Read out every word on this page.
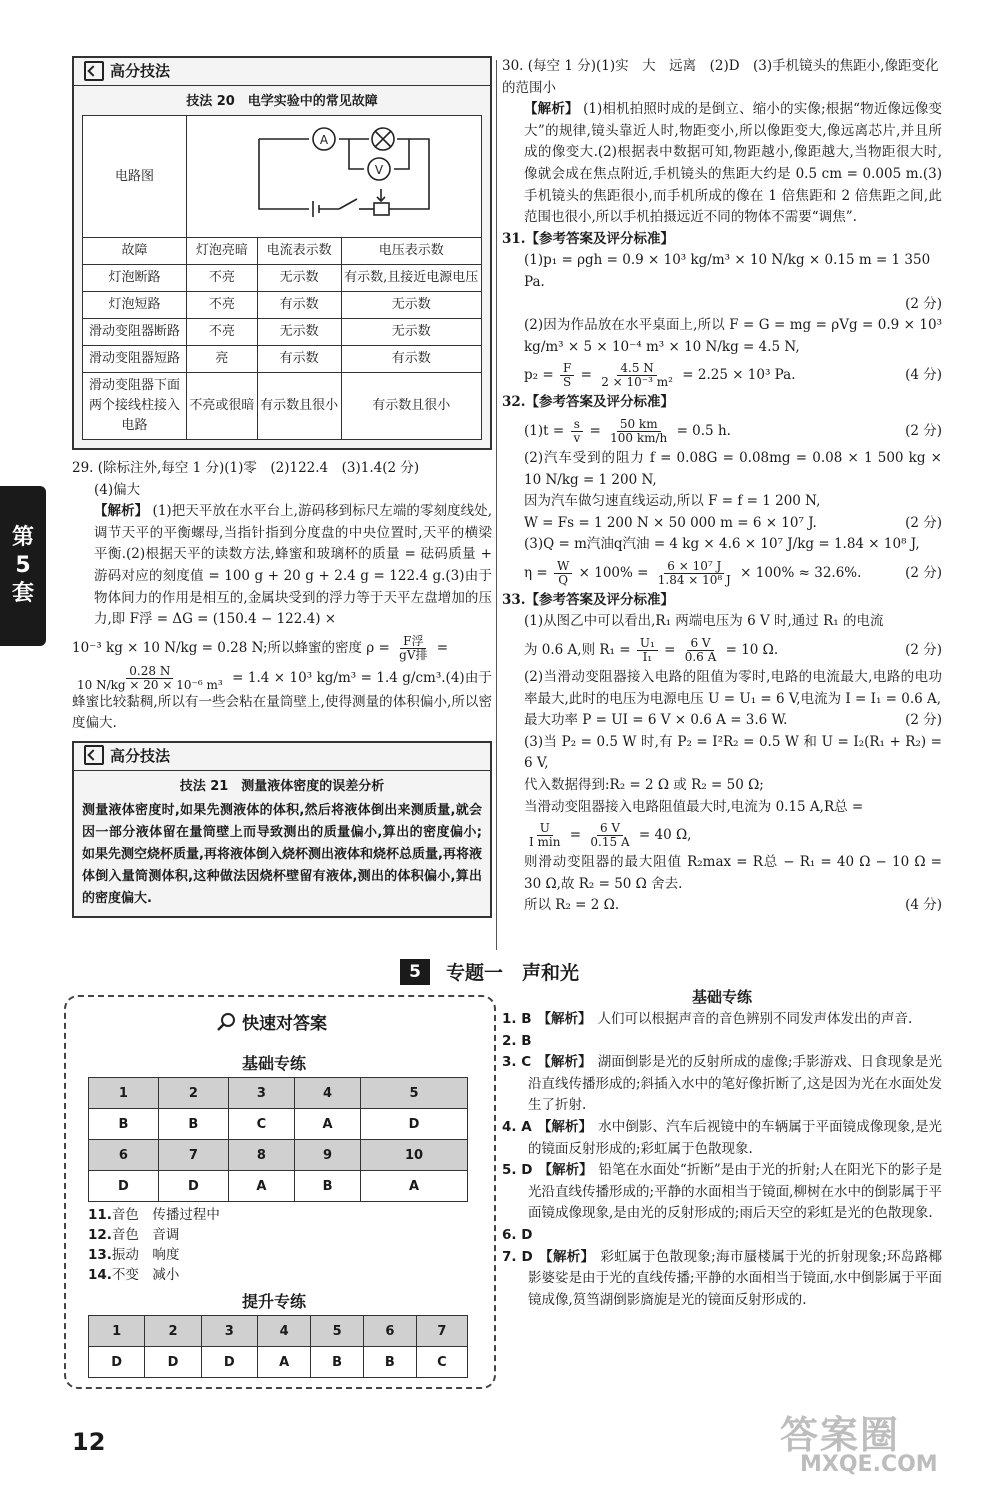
高分技法
技法 20　电学实验中的常见故障
电路图	A
V		

故障	灯泡亮暗	电流表示数	电压表示数
灯泡断路	不亮	无示数	有示数,且接近电源电压
灯泡短路	不亮	有示数	无示数
滑动变阻器断路	不亮	无示数	无示数
滑动变阻器短路	亮	有示数	有示数
滑动变阻器下面两个接线柱接入电路	不亮或很暗	有示数且很小	有示数且很小

29. (除标注外,每空 1 分)(1)零　(2)122.4　(3)1.4(2 分)

(4)偏大

【解析】 (1)把天平放在水平台上,游码移到标尺左端的零刻度线处,调节天平的平衡螺母,当指针指到分度盘的中央位置时,天平的横梁平衡.(2)根据天平的读数方法,蜂蜜和玻璃杯的质量 = 砝码质量 + 游码对应的刻度值 = 100 g + 20 g + 2.4 g = 122.4 g.(3)由于物体间力的作用是相互的,金属块受到的浮力等于天平左盘增加的压力,即 F浮 = ΔG = (150.4 − 122.4) ×

10⁻³ kg × 10 N/kg = 0.28 N;所以蜂蜜的密度 $\rho = \frac{\text{F浮}}{\text{gV排}}$ =

$\frac{0.28 N}{\text{10 N/kg × 20 × 10⁻⁶ m³}} = 1.4 \times 10^3$ kg/m³ = 1.4 g/cm³.(4)由于蜂蜜比较黏稠,所以有一些会粘在量筒壁上,使得测量的体积偏小,所以密度偏大.

高分技法
技法 21　测量液体密度的误差分析

测量液体密度时,如果先测液体的体积,然后将液体倒出来测质量,就会因一部分液体留在量筒壁上而导致测出的质量偏小,算出的密度偏小;如果先测空烧杯质量,再将液体倒入烧杯测出液体和烧杯总质量,再将液体倒入量筒测体积,这种做法因烧杯壁留有液体,测出的体积偏小,算出的密度偏大.

30. (每空 1 分)(1)实　大　远离　(2)D　(3)手机镜头的焦距小,像距变化的范围小

【解析】 (1)相机拍照时成的是倒立、缩小的实像;根据“物近像远像变大”的规律,镜头靠近人时,物距变小,所以像距变大,像远离芯片,并且所成的像变大.(2)根据表中数据可知,物距越小,像距越大,当物距很大时,像就会成在焦点附近,手机镜头的焦距大约是 0.5 cm = 0.005 m.(3)手机镜头的焦距很小,而手机所成的像在 1 倍焦距和 2 倍焦距之间,此范围也很小,所以手机拍摄远近不同的物体不需要“调焦”.

31.【参考答案及评分标准】

(1)p₁ = ρgh = 0.9 × 10³ kg/m³ × 10 N/kg × 0.15 m = 1 350 Pa.

(2 分)

(2)因为作品放在水平桌面上,所以 F = G = mg = ρVg = 0.9 × 10³ kg/m³ × 5 × 10⁻⁴ m³ × 10 N/kg = 4.5 N,

$p_2 = \frac{F}{S} = \frac{4.5 N}{\text{2 × 10⁻³ m²}} = 2.25 \times 10^3$ Pa.	(4 分)

32.【参考答案及评分标准】

$(1)t = \frac{s}{v} = \frac{50 km}{100 km/h} = 0.5$ h.	(2 分)

(2)汽车受到的阻力 f = 0.08G = 0.08mg = 0.08 × 1 500 kg × 10 N/kg = 1 200 N,

因为汽车做匀速直线运动,所以 F = f = 1 200 N,

W = Fs = 1 200 N × 50 000 m = 6 × 10⁷ J.	(2 分)

(3)Q = m汽油q汽油 = 4 kg × 4.6 × 10⁷ J/kg = 1.84 × 10⁸ J,

$\eta = \frac{W}{Q} \times 100\% = \frac{\text{6 × 10⁷ J}}{\text{1.84 × 10⁸ J}} \times 100\% \approx 32.6\%$.	(2 分)

33.【参考答案及评分标准】

(1)从图乙中可以看出,R₁ 两端电压为 6 V 时,通过 R₁ 的电流

为 0.6 A,则 $R_1 = \frac{\text{U₁}}{\text{I₁}} = \frac{6 V}{0.6 A} = 10$ Ω.	(2 分)

(2)当滑动变阻器接入电路的阻值为零时,电路的电流最大,电路的电功率最大,此时的电压为电源电压 U = U₁ = 6 V,电流为 I = I₁ = 0.6 A,

最大功率 P = UI = 6 V × 0.6 A = 3.6 W.	(2 分)

(3)当 P₂ = 0.5 W 时,有 P₂ = I²R₂ = 0.5 W 和 U = I₂(R₁ + R₂) = 6 V,

代入数据得到:R₂ = 2 Ω 或 R₂ = 50 Ω;

当滑动变阻器接入电路阻值最大时,电流为 0.15 A,R总 =

$\frac{U}{\text{I min}} = \frac{6 V}{0.15 A} = 40$ Ω,

则滑动变阻器的最大阻值 R₂max = R总 − R₁ = 40 Ω − 10 Ω = 30 Ω,故 R₂ = 50 Ω 舍去.

所以 R₂ = 2 Ω.	(4 分)

第
5
套
5	专题一　声和光
快速对答案
基础专练
1	2	3	4	5
B	B	C	A	D
6	7	8	9	10
D	D	A	B	A
11.音色　传播过程中
12.音色　音调
13.振动　响度
14.不变　减小
提升专练
1	2	3	4	5	6	7
D	D	D	A	B	B	C
基础专练

1. B 【解析】 人们可以根据声音的音色辨别不同发声体发出的声音.

2. B

3. C 【解析】 湖面倒影是光的反射所成的虚像;手影游戏、日食现象是光沿直线传播形成的;斜插入水中的笔好像折断了,这是因为光在水面处发生了折射.

4. A 【解析】 水中倒影、汽车后视镜中的车辆属于平面镜成像现象,是光的镜面反射形成的;彩虹属于色散现象.

5. D 【解析】 铅笔在水面处“折断”是由于光的折射;人在阳光下的影子是光沿直线传播形成的;平静的水面相当于镜面,柳树在水中的倒影属于平面镜成像现象,是由光的反射形成的;雨后天空的彩虹是光的色散现象.

6. D

7. D 【解析】 彩虹属于色散现象;海市蜃楼属于光的折射现象;环岛路椰影婆娑是由于光的直线传播;平静的水面相当于镜面,水中倒影属于平面镜成像,筼筜湖倒影旖旎是光的镜面反射形成的.

12	答案圈
MXQE.COM
